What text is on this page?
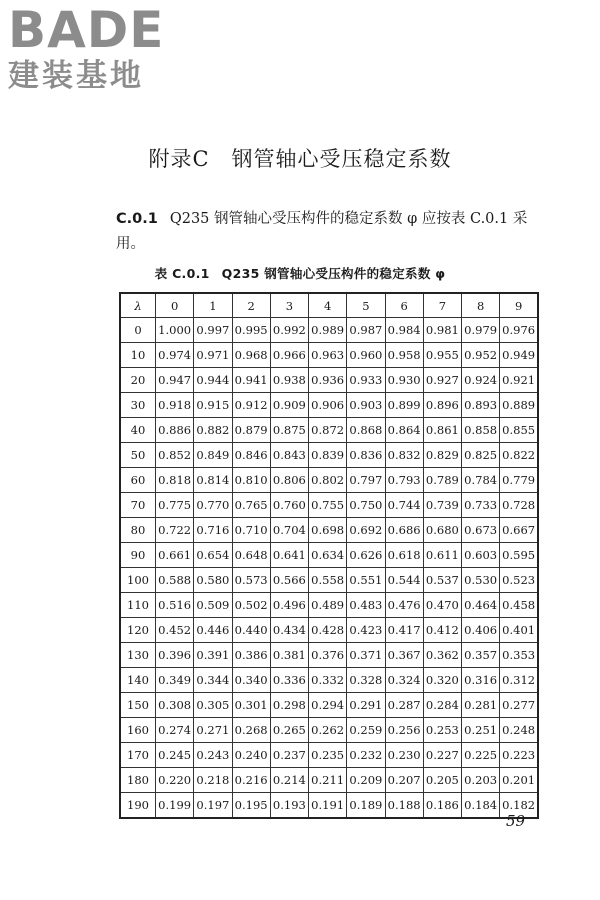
BADE
建装基地
附录C　钢管轴心受压稳定系数
C.0.1 Q235 钢管轴心受压构件的稳定系数 φ 应按表 C.0.1 采用。
表 C.0.1 Q235 钢管轴心受压构件的稳定系数 φ
λ	0	1	2	3	4	5	6	7	8	9
0	1.000	0.997	0.995	0.992	0.989	0.987	0.984	0.981	0.979	0.976
10	0.974	0.971	0.968	0.966	0.963	0.960	0.958	0.955	0.952	0.949
20	0.947	0.944	0.941	0.938	0.936	0.933	0.930	0.927	0.924	0.921
30	0.918	0.915	0.912	0.909	0.906	0.903	0.899	0.896	0.893	0.889
40	0.886	0.882	0.879	0.875	0.872	0.868	0.864	0.861	0.858	0.855
50	0.852	0.849	0.846	0.843	0.839	0.836	0.832	0.829	0.825	0.822
60	0.818	0.814	0.810	0.806	0.802	0.797	0.793	0.789	0.784	0.779
70	0.775	0.770	0.765	0.760	0.755	0.750	0.744	0.739	0.733	0.728
80	0.722	0.716	0.710	0.704	0.698	0.692	0.686	0.680	0.673	0.667
90	0.661	0.654	0.648	0.641	0.634	0.626	0.618	0.611	0.603	0.595
100	0.588	0.580	0.573	0.566	0.558	0.551	0.544	0.537	0.530	0.523
110	0.516	0.509	0.502	0.496	0.489	0.483	0.476	0.470	0.464	0.458
120	0.452	0.446	0.440	0.434	0.428	0.423	0.417	0.412	0.406	0.401
130	0.396	0.391	0.386	0.381	0.376	0.371	0.367	0.362	0.357	0.353
140	0.349	0.344	0.340	0.336	0.332	0.328	0.324	0.320	0.316	0.312
150	0.308	0.305	0.301	0.298	0.294	0.291	0.287	0.284	0.281	0.277
160	0.274	0.271	0.268	0.265	0.262	0.259	0.256	0.253	0.251	0.248
170	0.245	0.243	0.240	0.237	0.235	0.232	0.230	0.227	0.225	0.223
180	0.220	0.218	0.216	0.214	0.211	0.209	0.207	0.205	0.203	0.201
190	0.199	0.197	0.195	0.193	0.191	0.189	0.188	0.186	0.184	0.182
59
